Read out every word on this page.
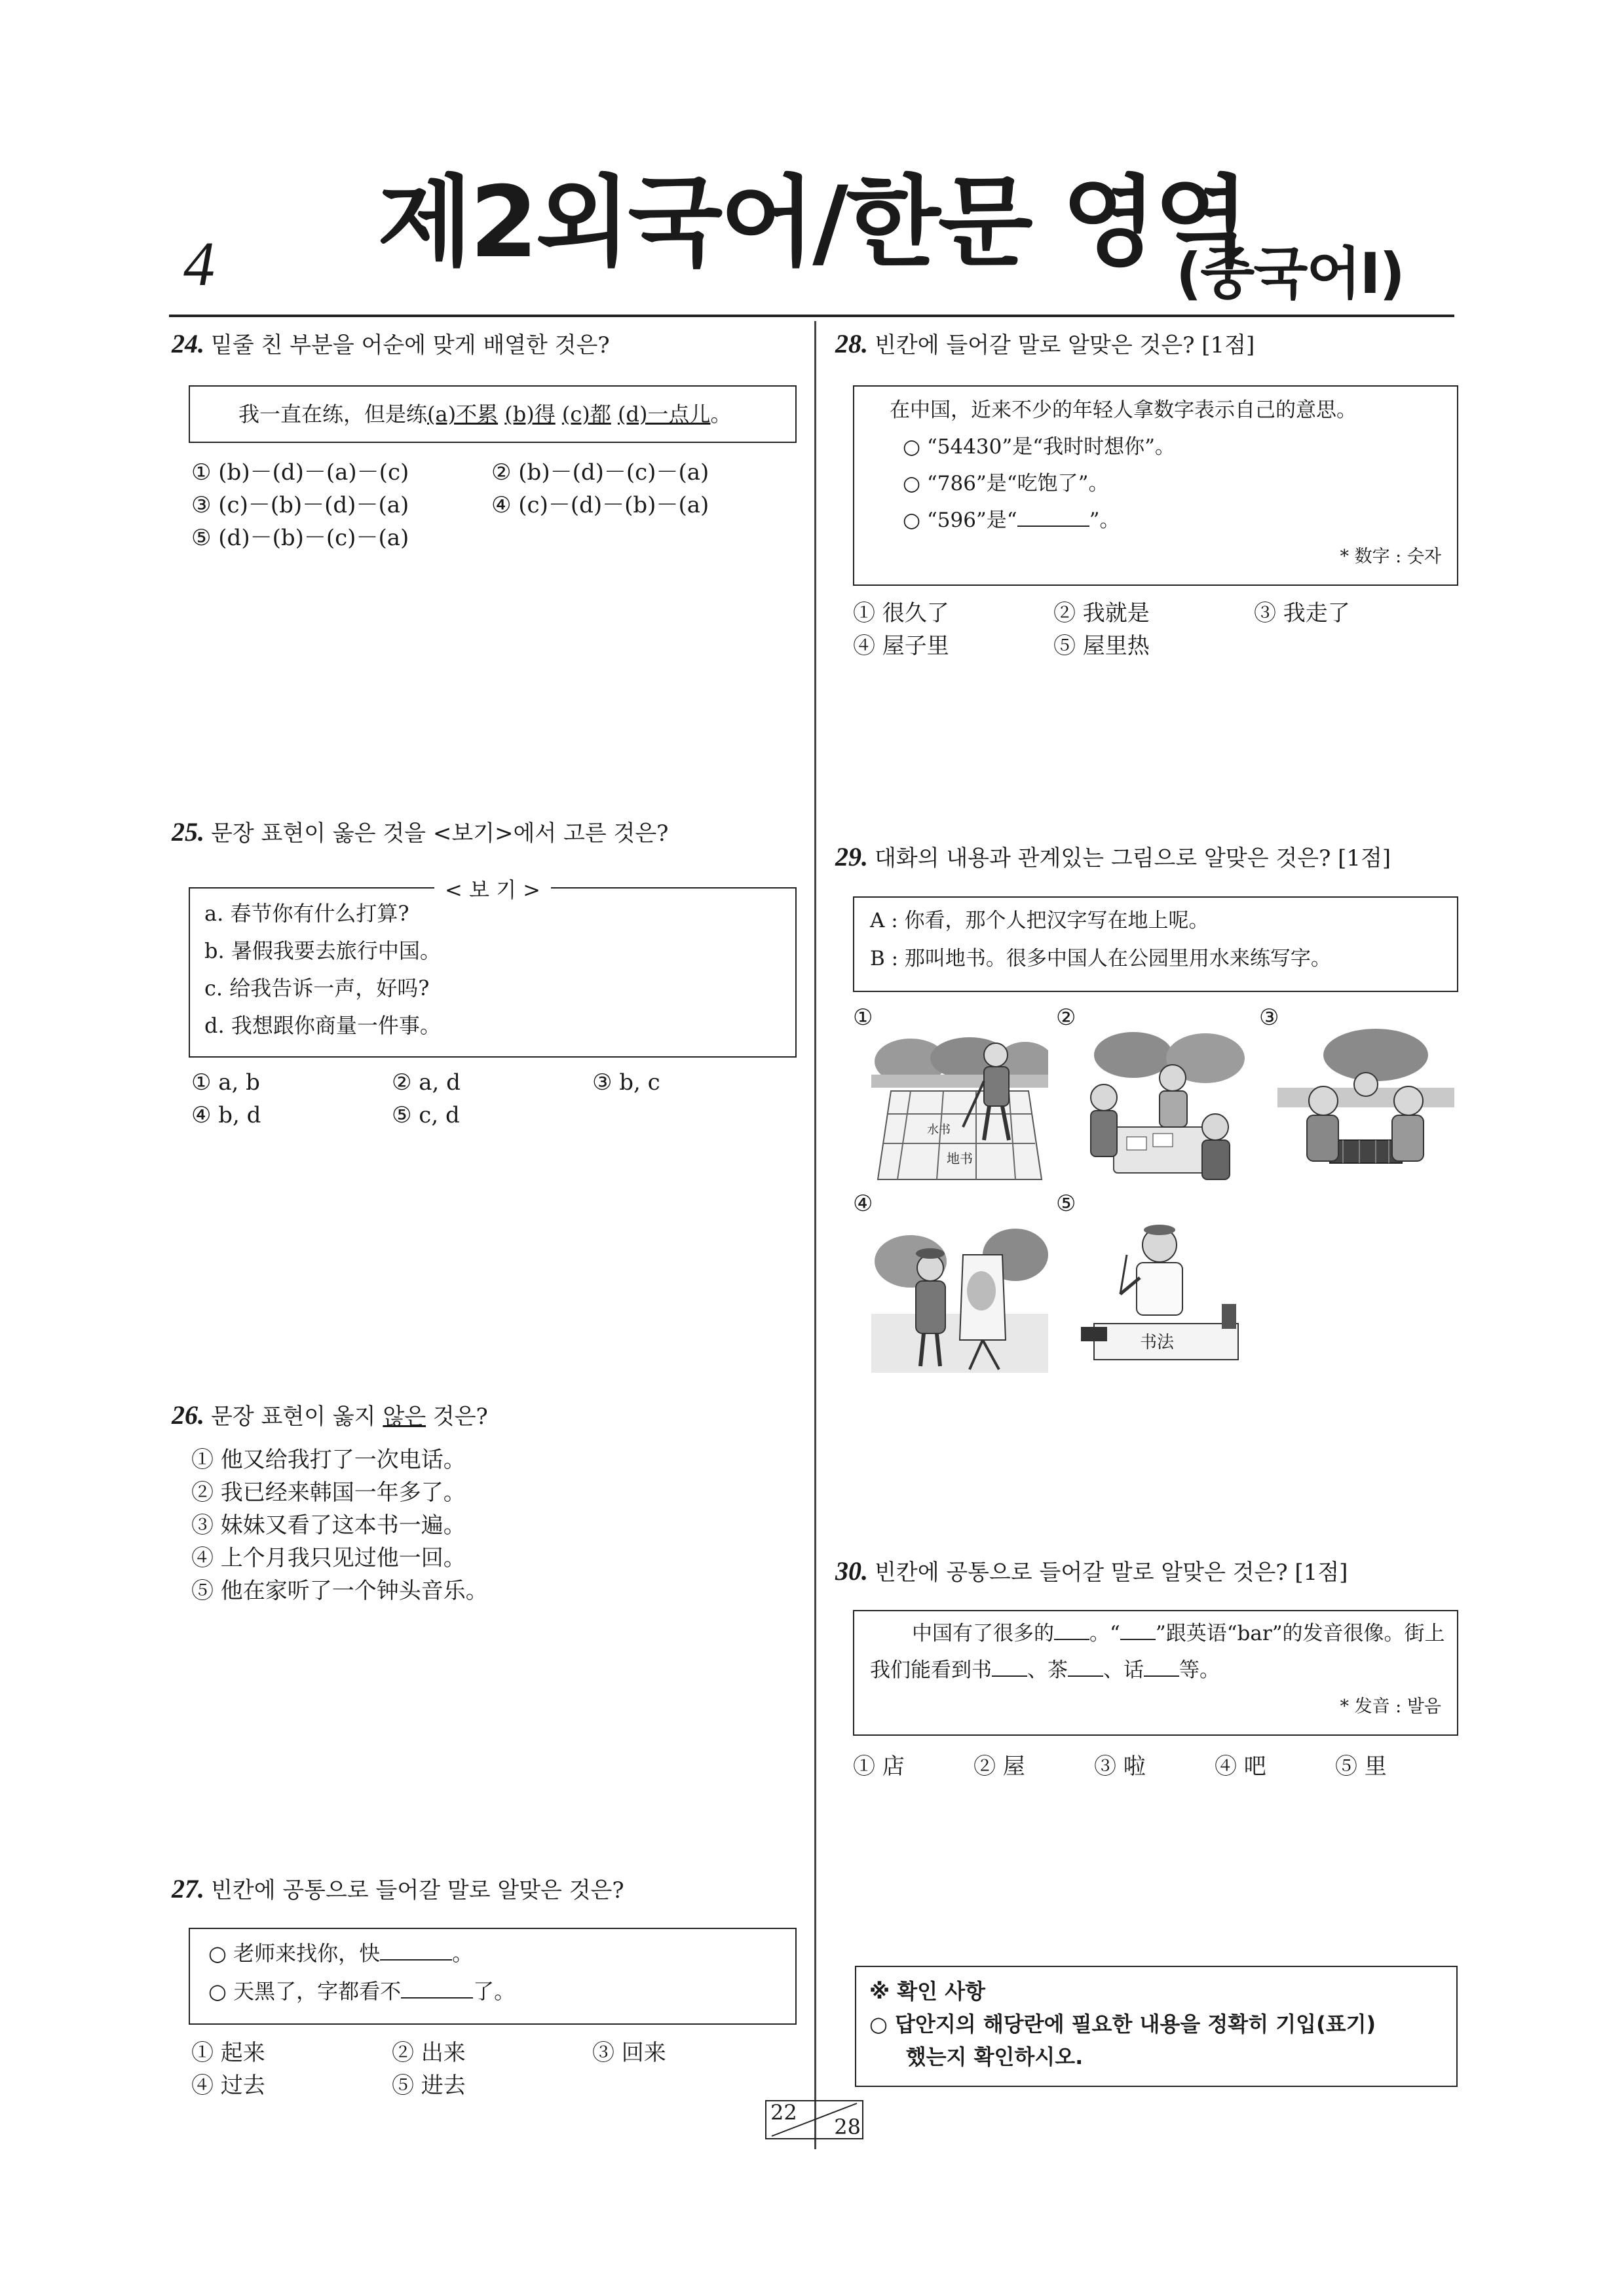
4	제2외국어/한문 영역
(중국어Ⅰ)
24. 밑줄 친 부분을 어순에 맞게 배열한 것은?
我一直在练，但是练(a)不累 (b)得 (c)都 (d)一点儿。
① (b)－(d)－(a)－(c)	② (b)－(d)－(c)－(a)
③ (c)－(b)－(d)－(a)	④ (c)－(d)－(b)－(a)
⑤ (d)－(b)－(c)－(a)
25. 문장 표현이 옳은 것을 <보기>에서 고른 것은?
< 보 기 >
a. 春节你有什么打算?
b. 暑假我要去旅行中国。
c. 给我告诉一声，好吗?
d. 我想跟你商量一件事。
① a, b	② a, d	③ b, c
④ b, d	⑤ c, d
26. 문장 표현이 옳지 않은 것은?
① 他又给我打了一次电话。
② 我已经来韩国一年多了。
③ 妹妹又看了这本书一遍。
④ 上个月我只见过他一回。
⑤ 他在家听了一个钟头音乐。
27. 빈칸에 공통으로 들어갈 말로 알맞은 것은?
○ 老师来找你，快	。
○ 天黑了，字都看不	了。
① 起来	② 出来	③ 回来
④ 过去	⑤ 进去
28. 빈칸에 들어갈 말로 알맞은 것은? [1점]
在中国，近来不少的年轻人拿数字表示自己的意思。
○ “54430”是“我时时想你”。
○ “786”是“吃饱了”。
○ “596”是“	”。
* 数字 : 숫자
① 很久了	② 我就是	③ 我走了
④ 屋子里	⑤ 屋里热
29. 대화의 내용과 관계있는 그림으로 알맞은 것은? [1점]
A : 你看，那个人把汉字写在地上呢。
B : 那叫地书。很多中国人在公园里用水来练写字。
①	②	③
④	⑤
水书
地书
书法
30. 빈칸에 공통으로 들어갈 말로 알맞은 것은? [1점]
中国有了很多的 。“ ”跟英语“bar”的发音很像。街上
我们能看到书 、茶 、话 等。
* 发音 : 발음
① 店	② 屋	③ 啦	④ 吧	⑤ 里
※ 확인 사항
○ 답안지의 해당란에 필요한 내용을 정확히 기입(표기)
했는지 확인하시오.
22
28
